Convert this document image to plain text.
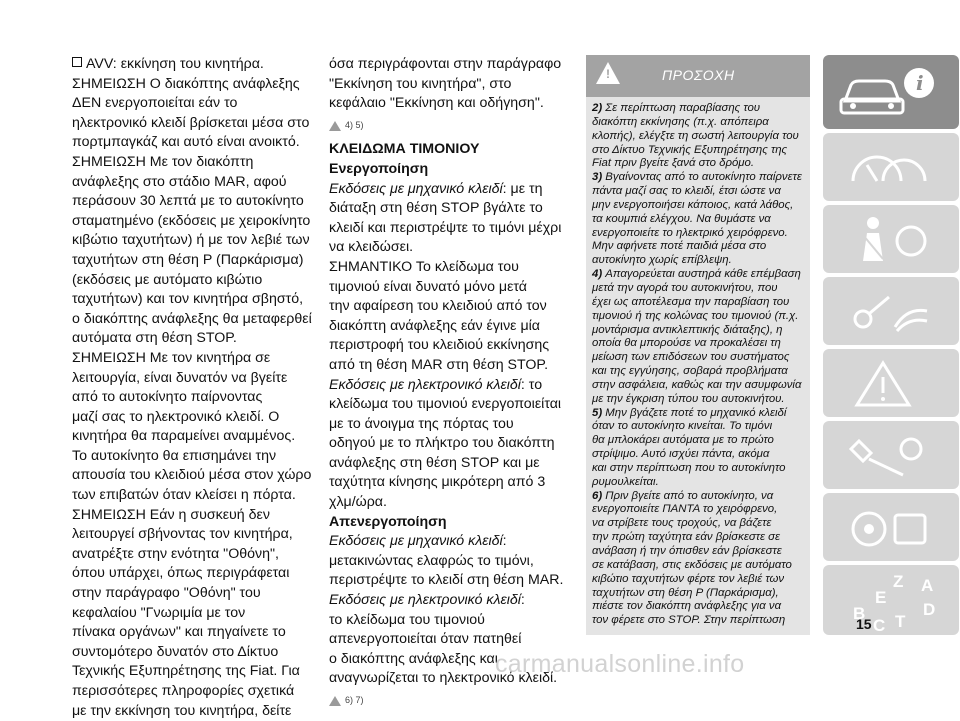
AVV: εκκίνηση του κινητήρα.

ΣΗΜΕΙΩΣΗ Ο διακόπτης ανάφλεξης

ΔΕΝ ενεργοποιείται εάν το

ηλεκτρονικό κλειδί βρίσκεται μέσα στο

πορτμπαγκάζ και αυτό είναι ανοικτό.

ΣΗΜΕΙΩΣΗ Με τον διακόπτη

ανάφλεξης στο στάδιο MAR, αφού

περάσουν 30 λεπτά με το αυτοκίνητο

σταματημένο (εκδόσεις με χειροκίνητο

κιβώτιο ταχυτήτων) ή με τον λεβιέ των

ταχυτήτων στη θέση P (Παρκάρισμα)

(εκδόσεις με αυτόματο κιβώτιο

ταχυτήτων) και τον κινητήρα σβηστό,

ο διακόπτης ανάφλεξης θα μεταφερθεί

αυτόματα στη θέση STOP.

ΣΗΜΕΙΩΣΗ Με τον κινητήρα σε

λειτουργία, είναι δυνατόν να βγείτε

από το αυτοκίνητο παίρνοντας

μαζί σας το ηλεκτρονικό κλειδί. Ο

κινητήρα θα παραμείνει αναμμένος.

Το αυτοκίνητο θα επισημάνει την

απουσία του κλειδιού μέσα στον χώρο

των επιβατών όταν κλείσει η πόρτα.

ΣΗΜΕΙΩΣΗ Εάν η συσκευή δεν

λειτουργεί σβήνοντας τον κινητήρα,

ανατρέξτε στην ενότητα "Οθόνη",

όπου υπάρχει, όπως περιγράφεται

στην παράγραφο "Οθόνη" του

κεφαλαίου "Γνωριμία με τον

πίνακα οργάνων" και πηγαίνετε το

συντομότερο δυνατόν στο Δίκτυο

Τεχνικής Εξυπηρέτησης της Fiat. Για

περισσότερες πληροφορίες σχετικά

με την εκκίνηση του κινητήρα, δείτε

όσα περιγράφονται στην παράγραφο

"Εκκίνηση του κινητήρα", στο

κεφάλαιο "Εκκίνηση και οδήγηση".

4) 5)

ΚΛΕΙΔΩΜΑ ΤΙΜΟΝΙΟΥ

Ενεργοποίηση

Εκδόσεις με μηχανικό κλειδί: με τη

διάταξη στη θέση STOP βγάλτε το

κλειδί και περιστρέψτε το τιμόνι μέχρι

να κλειδώσει.

ΣΗΜΑΝΤΙΚΟ Το κλείδωμα του

τιμονιού είναι δυνατό μόνο μετά

την αφαίρεση του κλειδιού από τον

διακόπτη ανάφλεξης εάν έγινε μία

περιστροφή του κλειδιού εκκίνησης

από τη θέση MAR στη θέση STOP.

Εκδόσεις με ηλεκτρονικό κλειδί: το

κλείδωμα του τιμονιού ενεργοποιείται

με το άνοιγμα της πόρτας του

οδηγού με το πλήκτρο του διακόπτη

ανάφλεξης στη θέση STOP και με

ταχύτητα κίνησης μικρότερη από 3

χλμ/ώρα.

Απενεργοποίηση

Εκδόσεις με μηχανικό κλειδί:

μετακινώντας ελαφρώς το τιμόνι,

περιστρέψτε το κλειδί στη θέση MAR.

Εκδόσεις με ηλεκτρονικό κλειδί:

το κλείδωμα του τιμονιού

απενεργοποιείται όταν πατηθεί

ο διακόπτης ανάφλεξης και

αναγνωρίζεται το ηλεκτρονικό κλειδί.

6) 7)
!	ΠΡΟΣΟΧΗ

2) Σε περίπτωση παραβίασης του

διακόπτη εκκίνησης (π.χ. απόπειρα

κλοπής), ελέγξτε τη σωστή λειτουργία του

στο Δίκτυο Τεχνικής Εξυπηρέτησης της

Fiat πριν βγείτε ξανά στο δρόμο.

3) Βγαίνοντας από το αυτοκίνητο παίρνετε

πάντα μαζί σας το κλειδί, έτσι ώστε να

μην ενεργοποιήσει κάποιος, κατά λάθος,

τα κουμπιά ελέγχου. Να θυμάστε να

ενεργοποιείτε το ηλεκτρικό χειρόφρενο.

Μην αφήνετε ποτέ παιδιά μέσα στο

αυτοκίνητο χωρίς επίβλεψη.

4) Απαγορεύεται αυστηρά κάθε επέμβαση

μετά την αγορά του αυτοκινήτου, που

έχει ως αποτέλεσμα την παραβίαση του

τιμονιού ή της κολώνας του τιμονιού (π.χ.

μοντάρισμα αντικλεπτικής διάταξης), η

οποία θα μπορούσε να προκαλέσει τη

μείωση των επιδόσεων του συστήματος

και της εγγύησης, σοβαρά προβλήματα

στην ασφάλεια, καθώς και την ασυμφωνία

με την έγκριση τύπου του αυτοκινήτου.

5) Μην βγάζετε ποτέ το μηχανικό κλειδί

όταν το αυτοκίνητο κινείται. Το τιμόνι

θα μπλοκάρει αυτόματα με το πρώτο

στρίψιμο. Αυτό ισχύει πάντα, ακόμα

και στην περίπτωση που το αυτοκίνητο

ρυμουλκείται.

6) Πριν βγείτε από το αυτοκίνητο, να

ενεργοποιείτε ΠΑΝΤΑ το χειρόφρενο,

να στρίβετε τους τροχούς, να βάζετε

την πρώτη ταχύτητα εάν βρίσκεστε σε

ανάβαση ή την όπισθεν εάν βρίσκεστε

σε κατάβαση, στις εκδόσεις με αυτόματο

κιβώτιο ταχυτήτων φέρτε τον λεβιέ των

ταχυτήτων στη θέση P (Παρκάρισμα),

πιέστε τον διακόπτη ανάφλεξης για να

τον φέρετε στο STOP. Στην περίπτωση

i
Z A
E
B
C T
D
15
carmanualsonline.info
